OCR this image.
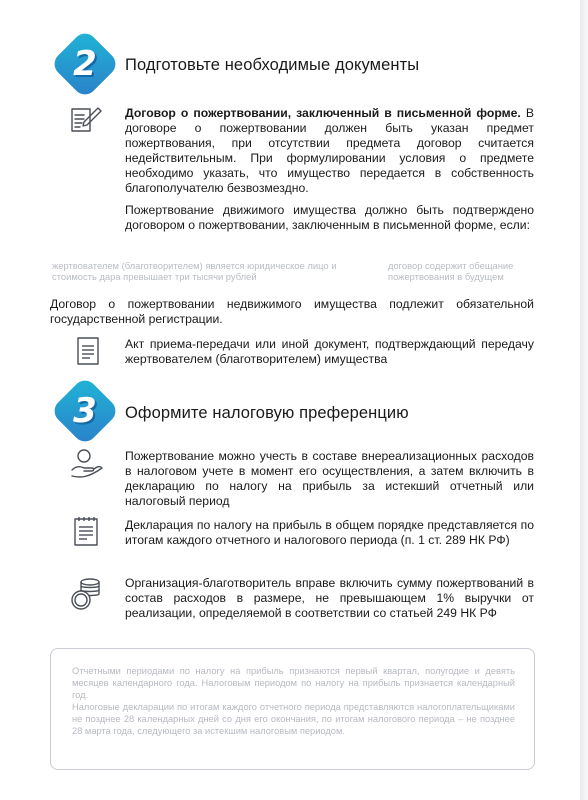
2	Подготовьте необходимые документы
Договор о пожертвовании, заключенный в письменной форме. В договоре о пожертвовании должен быть указан предмет пожертвования, при отсутствии предмета договор считается недействительным. При формулировании условия о предмете необходимо указать, что имущество передается в собственность благополучателю безвозмездно.
Пожертвование движимого имущества должно быть подтверждено договором о пожертвовании, заключенным в письменной форме, если:
жертвователем (благотворителем) является юридическое лицо и стоимость дара превышает три тысячи рублей
договор содержит обещание пожертвования в будущем
Договор о пожертвовании недвижимого имущества подлежит обязательной государственной регистрации.
Акт приема-передачи или иной документ, подтверждающий передачу жертвователем (благотворителем) имущества
3	Оформите налоговую преференцию
Пожертвование можно учесть в составе внереализационных расходов в налоговом учете в момент его осуществления, а затем включить в декларацию по налогу на прибыль за истекший отчетный или налоговый период
Декларация по налогу на прибыль в общем порядке представляется по итогам каждого отчетного и налогового периода (п. 1 ст. 289 НК РФ)
Организация-благотворитель вправе включить сумму пожертвований в состав расходов в размере, не превышающем 1% выручки от реализации, определяемой в соответствии со статьей 249 НК РФ
Отчетными периодами по налогу на прибыль признаются первый квартал, полугодие и девять месяцев календарного года. Налоговым периодом по налогу на прибыль признается календарный год.
Налоговые декларации по итогам каждого отчетного периода представляются налогоплательщиками не позднее 28 календарных дней со дня его окончания, по итогам налогового периода – не позднее 28 марта года, следующего за истекшим налоговым периодом.
